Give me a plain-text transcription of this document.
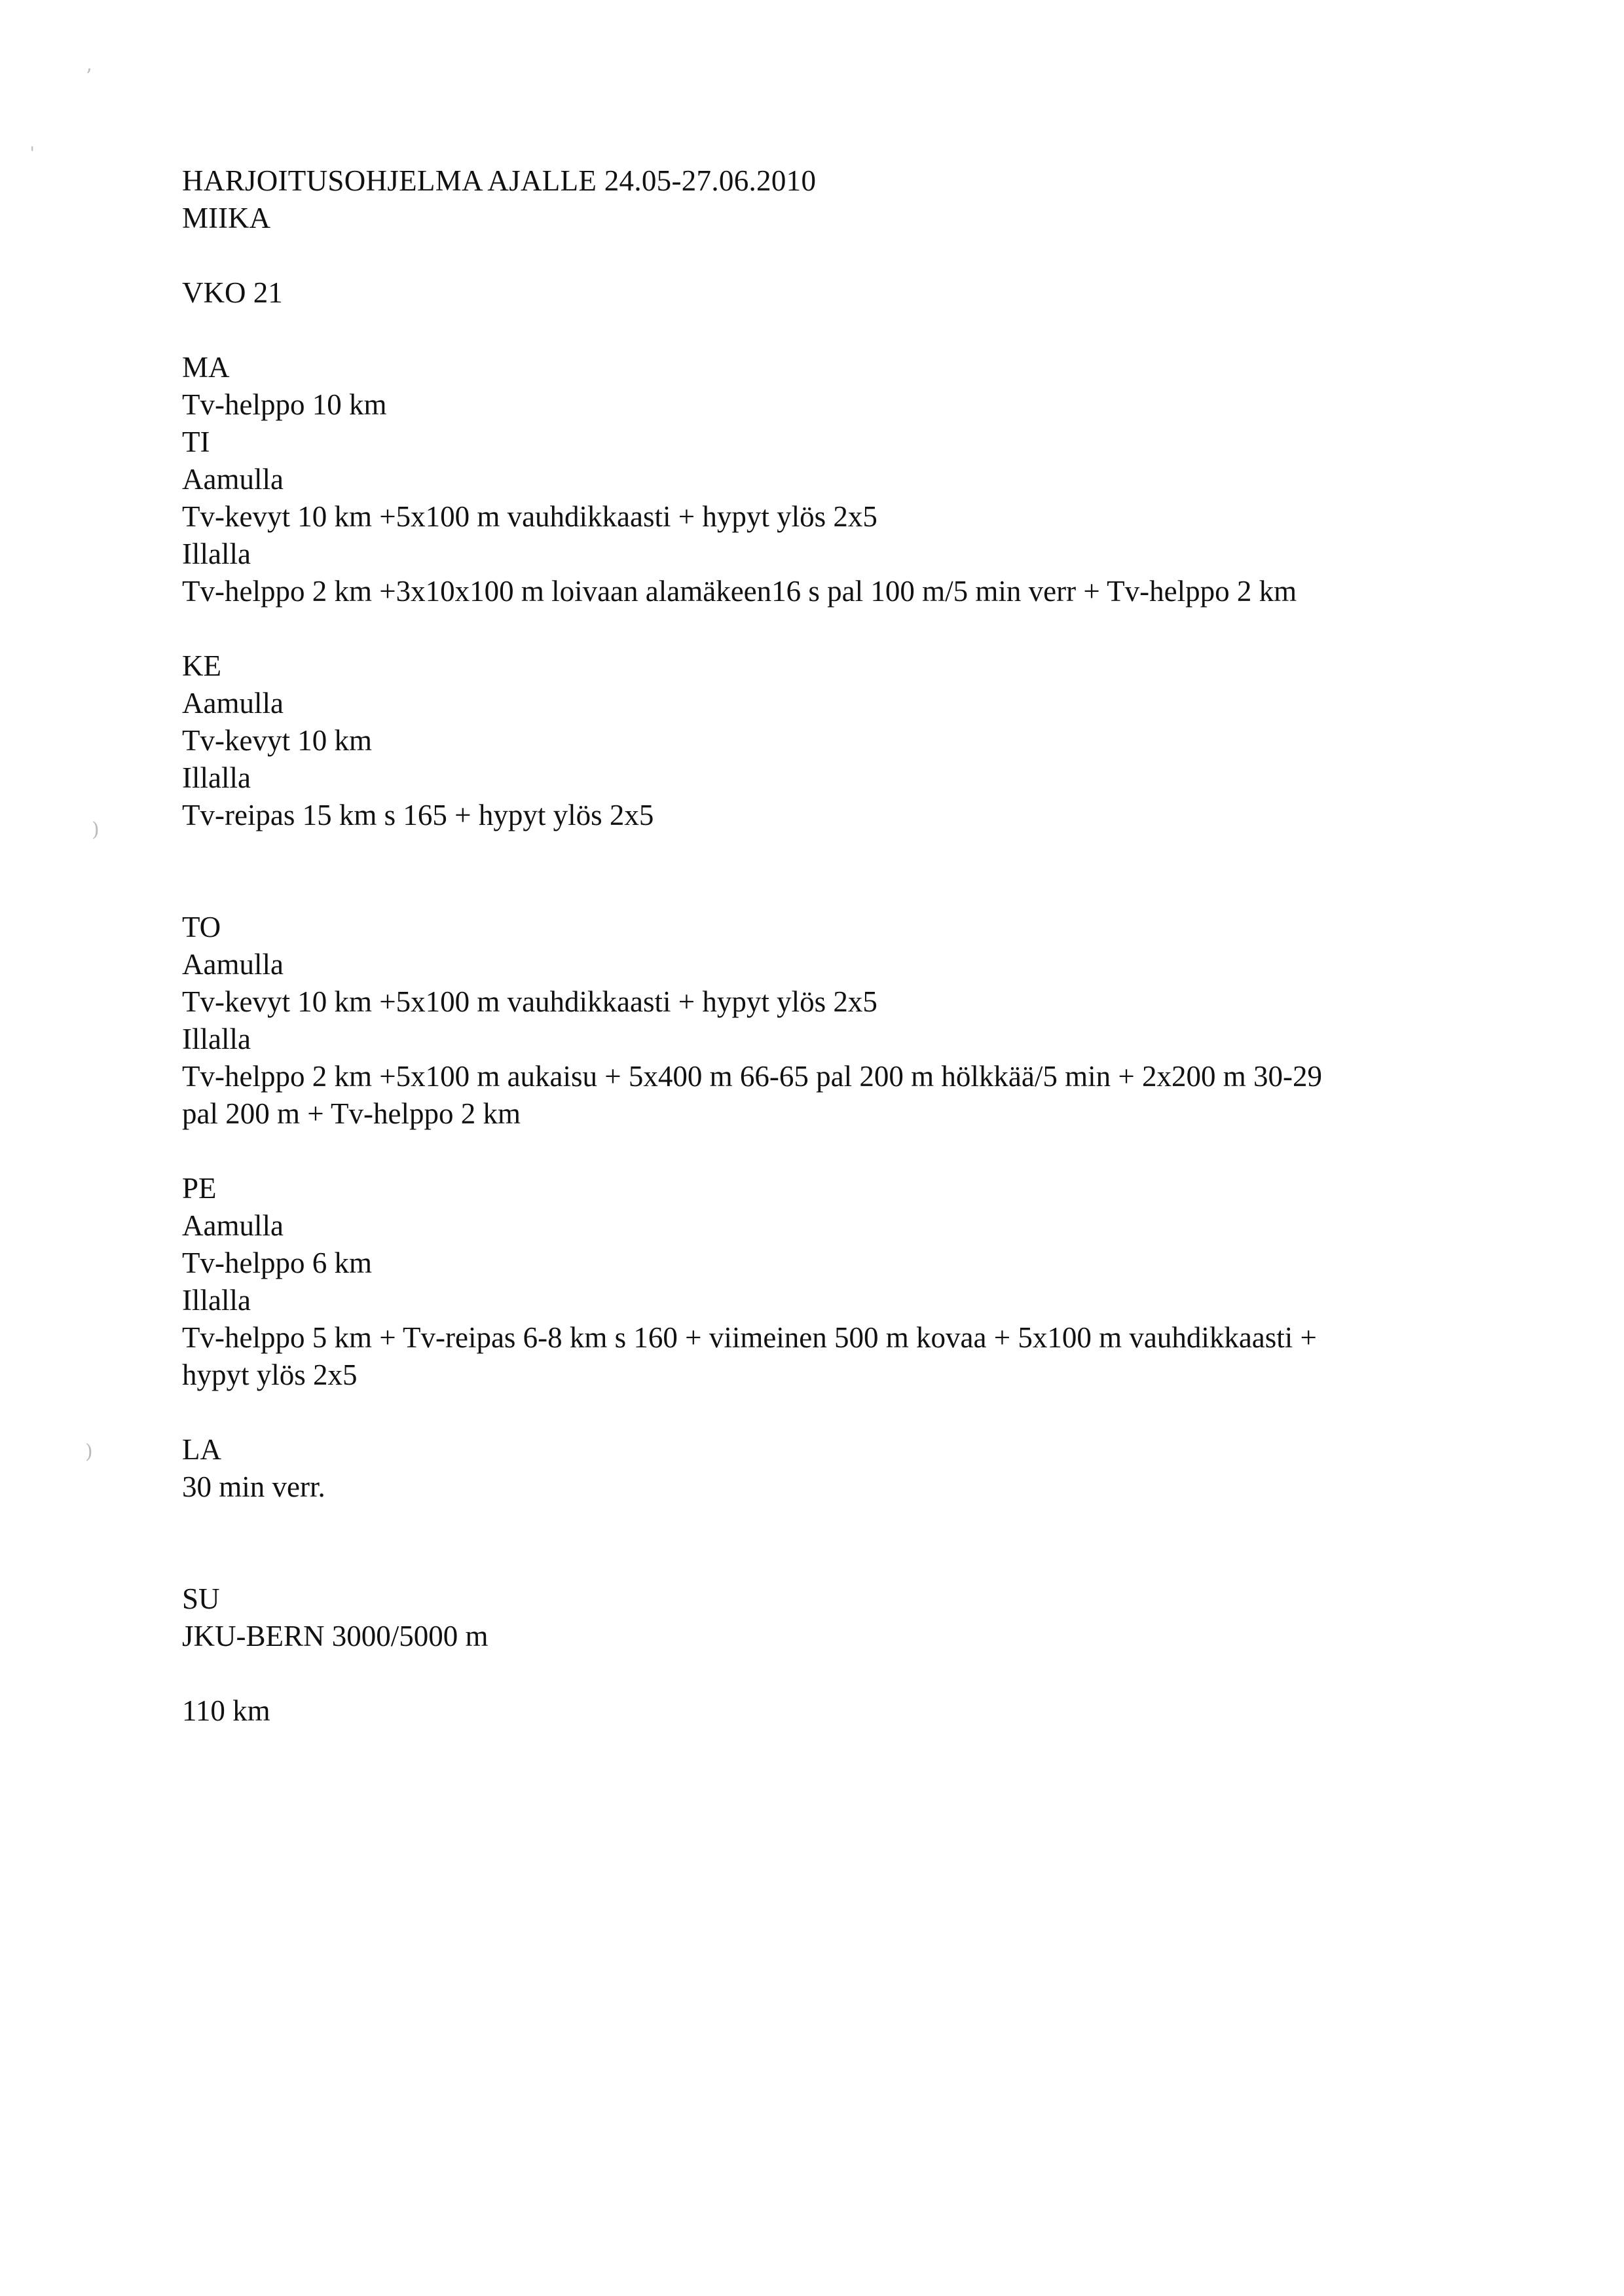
ʼ
ˌ
)
)
HARJOITUSOHJELMA AJALLE 24.05-27.06.2010
MIIKA
VKO 21
MA
Tv-helppo 10 km
TI
Aamulla
Tv-kevyt 10 km +5x100 m vauhdikkaasti + hypyt ylös 2x5
Illalla
Tv-helppo 2 km +3x10x100 m loivaan alamäkeen16 s pal 100 m/5 min verr + Tv-helppo 2 km
KE
Aamulla
Tv-kevyt 10 km
Illalla
Tv-reipas 15 km s 165 + hypyt ylös 2x5
TO
Aamulla
Tv-kevyt 10 km +5x100 m vauhdikkaasti + hypyt ylös 2x5
Illalla
Tv-helppo 2 km +5x100 m aukaisu + 5x400 m 66-65 pal 200 m hölkkää/5 min + 2x200 m 30-29
pal 200 m + Tv-helppo 2 km
PE
Aamulla
Tv-helppo 6 km
Illalla
Tv-helppo 5 km + Tv-reipas 6-8 km s 160 + viimeinen 500 m kovaa + 5x100 m vauhdikkaasti +
hypyt ylös 2x5
LA
30 min verr.
SU
JKU-BERN 3000/5000 m
110 km
